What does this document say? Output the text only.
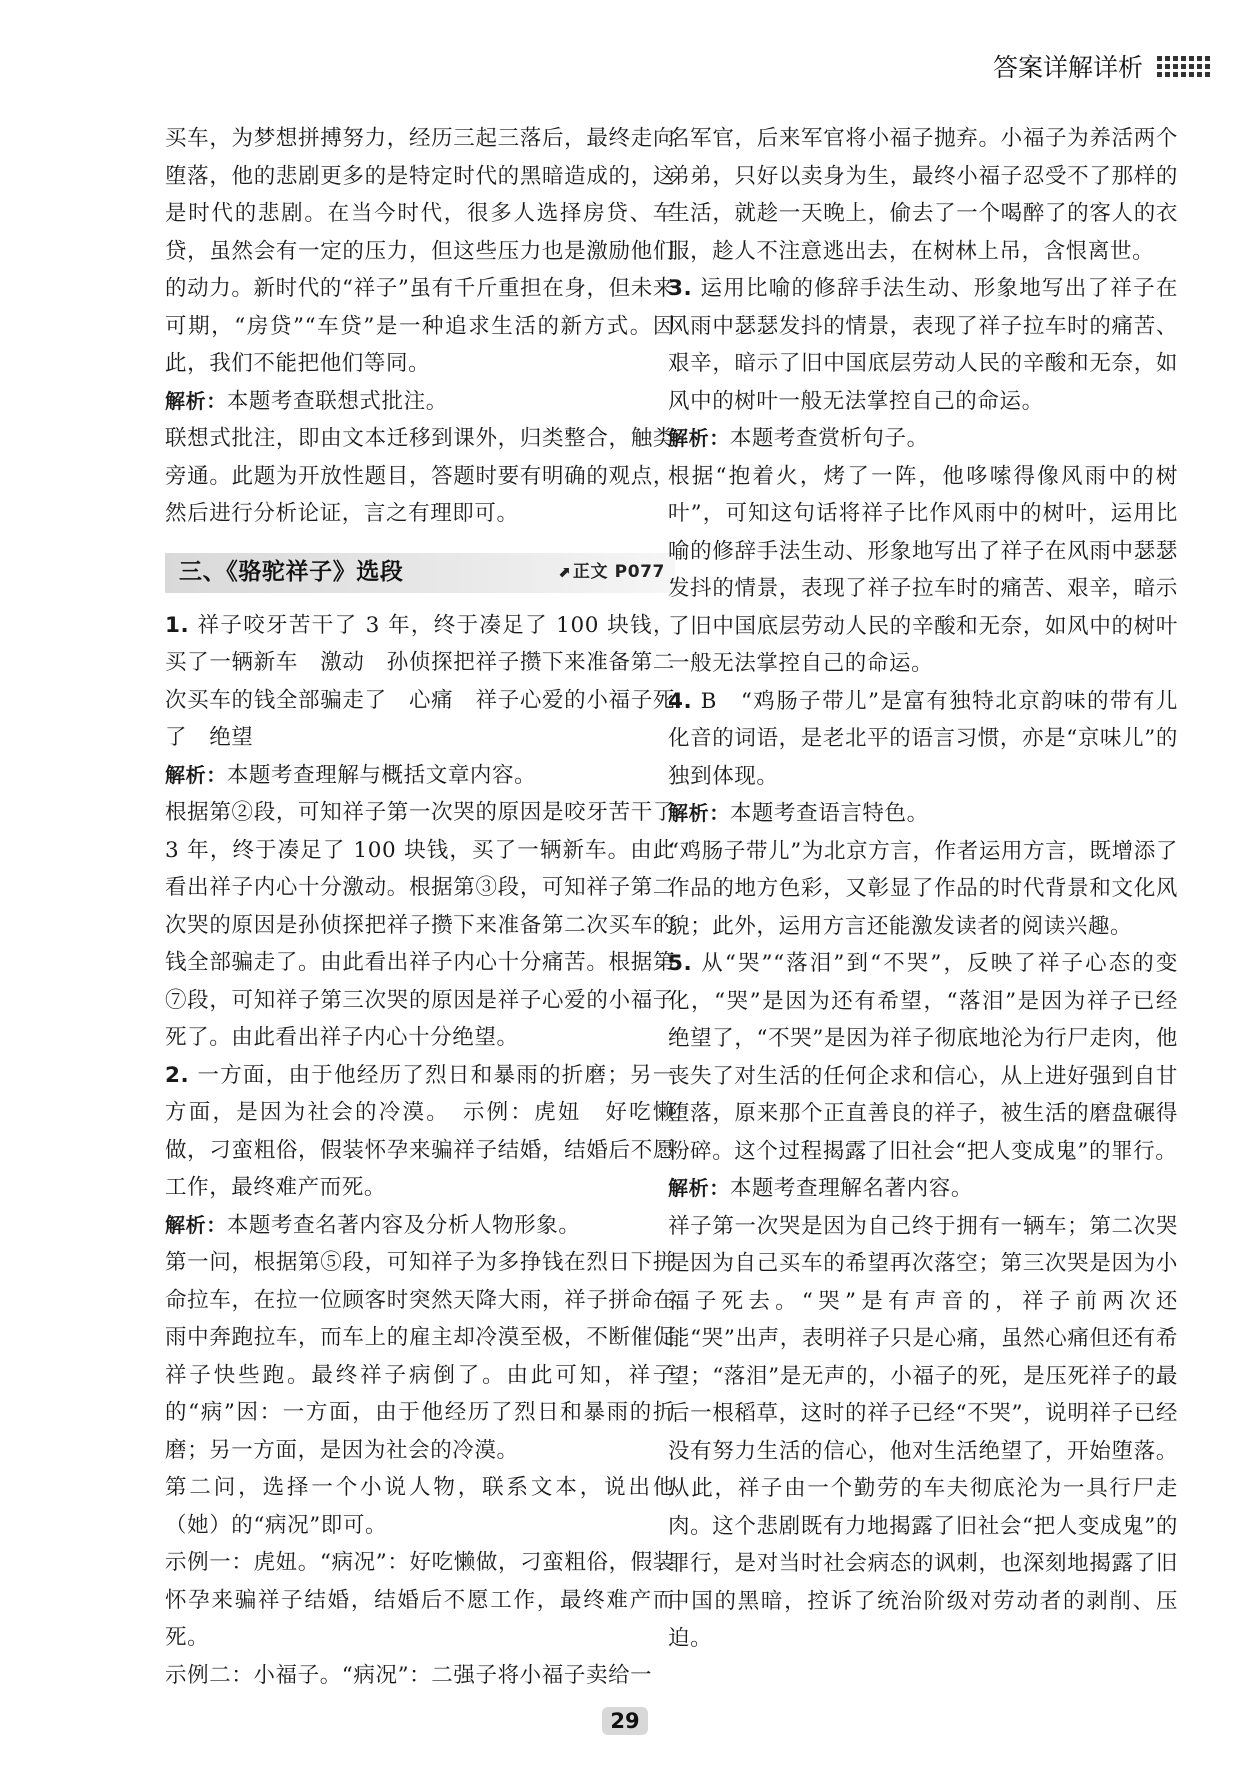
答案详解详析

买车，为梦想拼搏努力，经历三起三落后，最终走向堕落，他的悲剧更多的是特定时代的黑暗造成的，这是时代的悲剧。在当今时代，很多人选择房贷、车贷，虽然会有一定的压力，但这些压力也是激励他们的动力。新时代的“祥子”虽有千斤重担在身，但未来可期，“房贷”“车贷”是一种追求生活的新方式。因此，我们不能把他们等同。

解析：本题考查联想式批注。

联想式批注，即由文本迁移到课外，归类整合，触类旁通。此题为开放性题目，答题时要有明确的观点，然后进行分析论证，言之有理即可。

三、《骆驼祥子》选段	⬈ 正文 P077

1. 祥子咬牙苦干了 3 年，终于凑足了 100 块钱，买了一辆新车　激动　孙侦探把祥子攒下来准备第二次买车的钱全部骗走了　心痛　祥子心爱的小福子死了　绝望

解析：本题考查理解与概括文章内容。

根据第②段，可知祥子第一次哭的原因是咬牙苦干了 3 年，终于凑足了 100 块钱，买了一辆新车。由此看出祥子内心十分激动。根据第③段，可知祥子第二次哭的原因是孙侦探把祥子攒下来准备第二次买车的钱全部骗走了。由此看出祥子内心十分痛苦。根据第⑦段，可知祥子第三次哭的原因是祥子心爱的小福子死了。由此看出祥子内心十分绝望。

2. 一方面，由于他经历了烈日和暴雨的折磨；另一方面，是因为社会的冷漠。　示例：虎妞　好吃懒做，刁蛮粗俗，假装怀孕来骗祥子结婚，结婚后不愿工作，最终难产而死。

解析：本题考查名著内容及分析人物形象。

第一问，根据第⑤段，可知祥子为多挣钱在烈日下拼命拉车，在拉一位顾客时突然天降大雨，祥子拼命在雨中奔跑拉车，而车上的雇主却冷漠至极，不断催促祥子快些跑。最终祥子病倒了。由此可知，祥子的“病”因：一方面，由于他经历了烈日和暴雨的折磨；另一方面，是因为社会的冷漠。

第二问，选择一个小说人物，联系文本，说出他（她）的“病况”即可。

示例一：虎妞。“病况”：好吃懒做，刁蛮粗俗，假装怀孕来骗祥子结婚，结婚后不愿工作，最终难产而死。

示例二：小福子。“病况”：二强子将小福子卖给一

名军官，后来军官将小福子抛弃。小福子为养活两个弟弟，只好以卖身为生，最终小福子忍受不了那样的生活，就趁一天晚上，偷去了一个喝醉了的客人的衣服，趁人不注意逃出去，在树林上吊，含恨离世。

3. 运用比喻的修辞手法生动、形象地写出了祥子在风雨中瑟瑟发抖的情景，表现了祥子拉车时的痛苦、艰辛，暗示了旧中国底层劳动人民的辛酸和无奈，如风中的树叶一般无法掌控自己的命运。

解析：本题考查赏析句子。

根据“抱着火，烤了一阵，他哆嗦得像风雨中的树叶”，可知这句话将祥子比作风雨中的树叶，运用比喻的修辞手法生动、形象地写出了祥子在风雨中瑟瑟发抖的情景，表现了祥子拉车时的痛苦、艰辛，暗示了旧中国底层劳动人民的辛酸和无奈，如风中的树叶一般无法掌控自己的命运。

4. B　“鸡肠子带儿”是富有独特北京韵味的带有儿化音的词语，是老北平的语言习惯，亦是“京味儿”的独到体现。

解析：本题考查语言特色。

“鸡肠子带儿”为北京方言，作者运用方言，既增添了作品的地方色彩，又彰显了作品的时代背景和文化风貌；此外，运用方言还能激发读者的阅读兴趣。

5. 从“哭”“落泪”到“不哭”，反映了祥子心态的变化，“哭”是因为还有希望，“落泪”是因为祥子已经绝望了，“不哭”是因为祥子彻底地沦为行尸走肉，他丧失了对生活的任何企求和信心，从上进好强到自甘堕落，原来那个正直善良的祥子，被生活的磨盘碾得粉碎。这个过程揭露了旧社会“把人变成鬼”的罪行。

解析：本题考查理解名著内容。

祥子第一次哭是因为自己终于拥有一辆车；第二次哭是因为自己买车的希望再次落空；第三次哭是因为小福子死去。“哭”是有声音的，祥子前两次还能“哭”出声，表明祥子只是心痛，虽然心痛但还有希望；“落泪”是无声的，小福子的死，是压死祥子的最后一根稻草，这时的祥子已经“不哭”，说明祥子已经没有努力生活的信心，他对生活绝望了，开始堕落。从此，祥子由一个勤劳的车夫彻底沦为一具行尸走肉。这个悲剧既有力地揭露了旧社会“把人变成鬼”的罪行，是对当时社会病态的讽刺，也深刻地揭露了旧中国的黑暗，控诉了统治阶级对劳动者的剥削、压迫。

29
